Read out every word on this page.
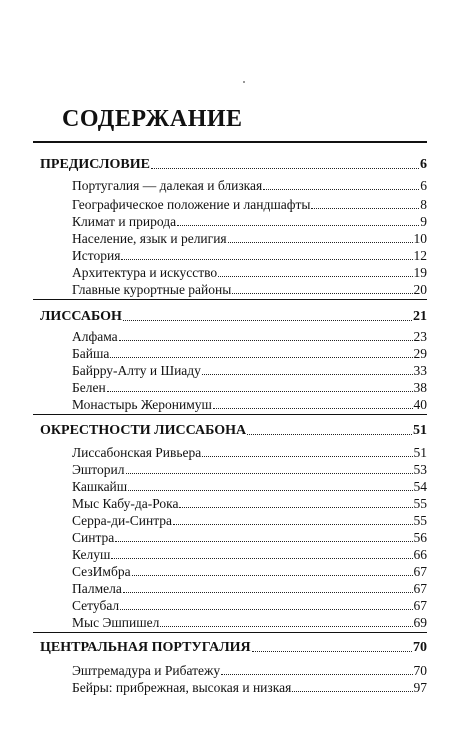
СОДЕРЖАНИЕ
ПРЕДИСЛОВИЕ	6
Португалия — далекая и близкая	6
Географическое положение и ландшафты	8
Климат и природа	9
Население, язык и религия	10
История	12
Архитектура и искусство	19
Главные курортные районы	20
ЛИССАБОН	21
Алфама	23
Байша	29
Байрру-Алту и Шиаду	33
Белен	38
Монастырь Жеронимуш	40
ОКРЕСТНОСТИ ЛИССАБОНА	51
Лиссабонская Ривьера	51
Эшторил	53
Кашкайш	54
Мыс Кабу-да-Рока	55
Серра-ди-Синтра	55
Синтра	56
Келуш	66
СезИмбра	67
Палмела	67
Сетубал	67
Мыс Эшпишел	69
ЦЕНТРАЛЬНАЯ ПОРТУГАЛИЯ	70
Эштремадура и Рибатежу	70
Бейры: прибрежная, высокая и низкая	97
